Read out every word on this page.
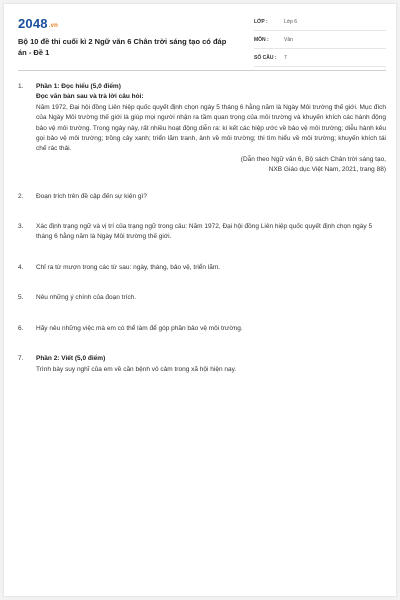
2048.vn
Bộ 10 đề thi cuối kì 2 Ngữ văn 6 Chân trời sáng tạo có đáp án - Đề 1
LỚP :	Lớp 6
MÔN :	Văn
SỐ CÂU :	7
1.	Phần 1: Đọc hiểu (5,0 điểm)
Đọc văn bản sau và trả lời câu hỏi:
Năm 1972, Đại hội đồng Liên hiệp quốc quyết định chọn ngày 5 tháng 6 hằng năm là Ngày Môi trường thế giới. Mục đích của Ngày Môi trường thế giới là giúp mọi người nhận ra tầm quan trọng của môi trường và khuyến khích các hành động bảo vệ môi trường. Trong ngày này, rất nhiều hoạt động diễn ra: kí kết các hiệp ước về bảo vệ môi trường; diễu hành kêu gọi bảo vệ môi trường; trồng cây xanh; triển lãm tranh, ảnh về môi trường; thi tìm hiểu về môi trường; khuyến khích tái chế rác thải.
(Dẫn theo Ngữ văn 6, Bộ sách Chân trời sáng tạo,
NXB Giáo dục Việt Nam, 2021, trang 88)
2.	Đoạn trích trên đề cập đến sự kiện gì?
3.	Xác định trạng ngữ và vị trí của trạng ngữ trong câu: Năm 1972, Đại hội đồng Liên hiệp quốc quyết định chọn ngày 5 tháng 6 hằng năm là Ngày Môi trường thế giới.
4.	Chỉ ra từ mượn trong các từ sau: ngày, tháng, bảo vệ, triển lãm.
5.	Nêu những ý chính của đoạn trích.
6.	Hãy nêu những việc mà em có thể làm để góp phần bảo vệ môi trường.
7.	Phần 2: Viết (5,0 điểm)
Trình bày suy nghĩ của em về căn bệnh vô cảm trong xã hội hiện nay.
